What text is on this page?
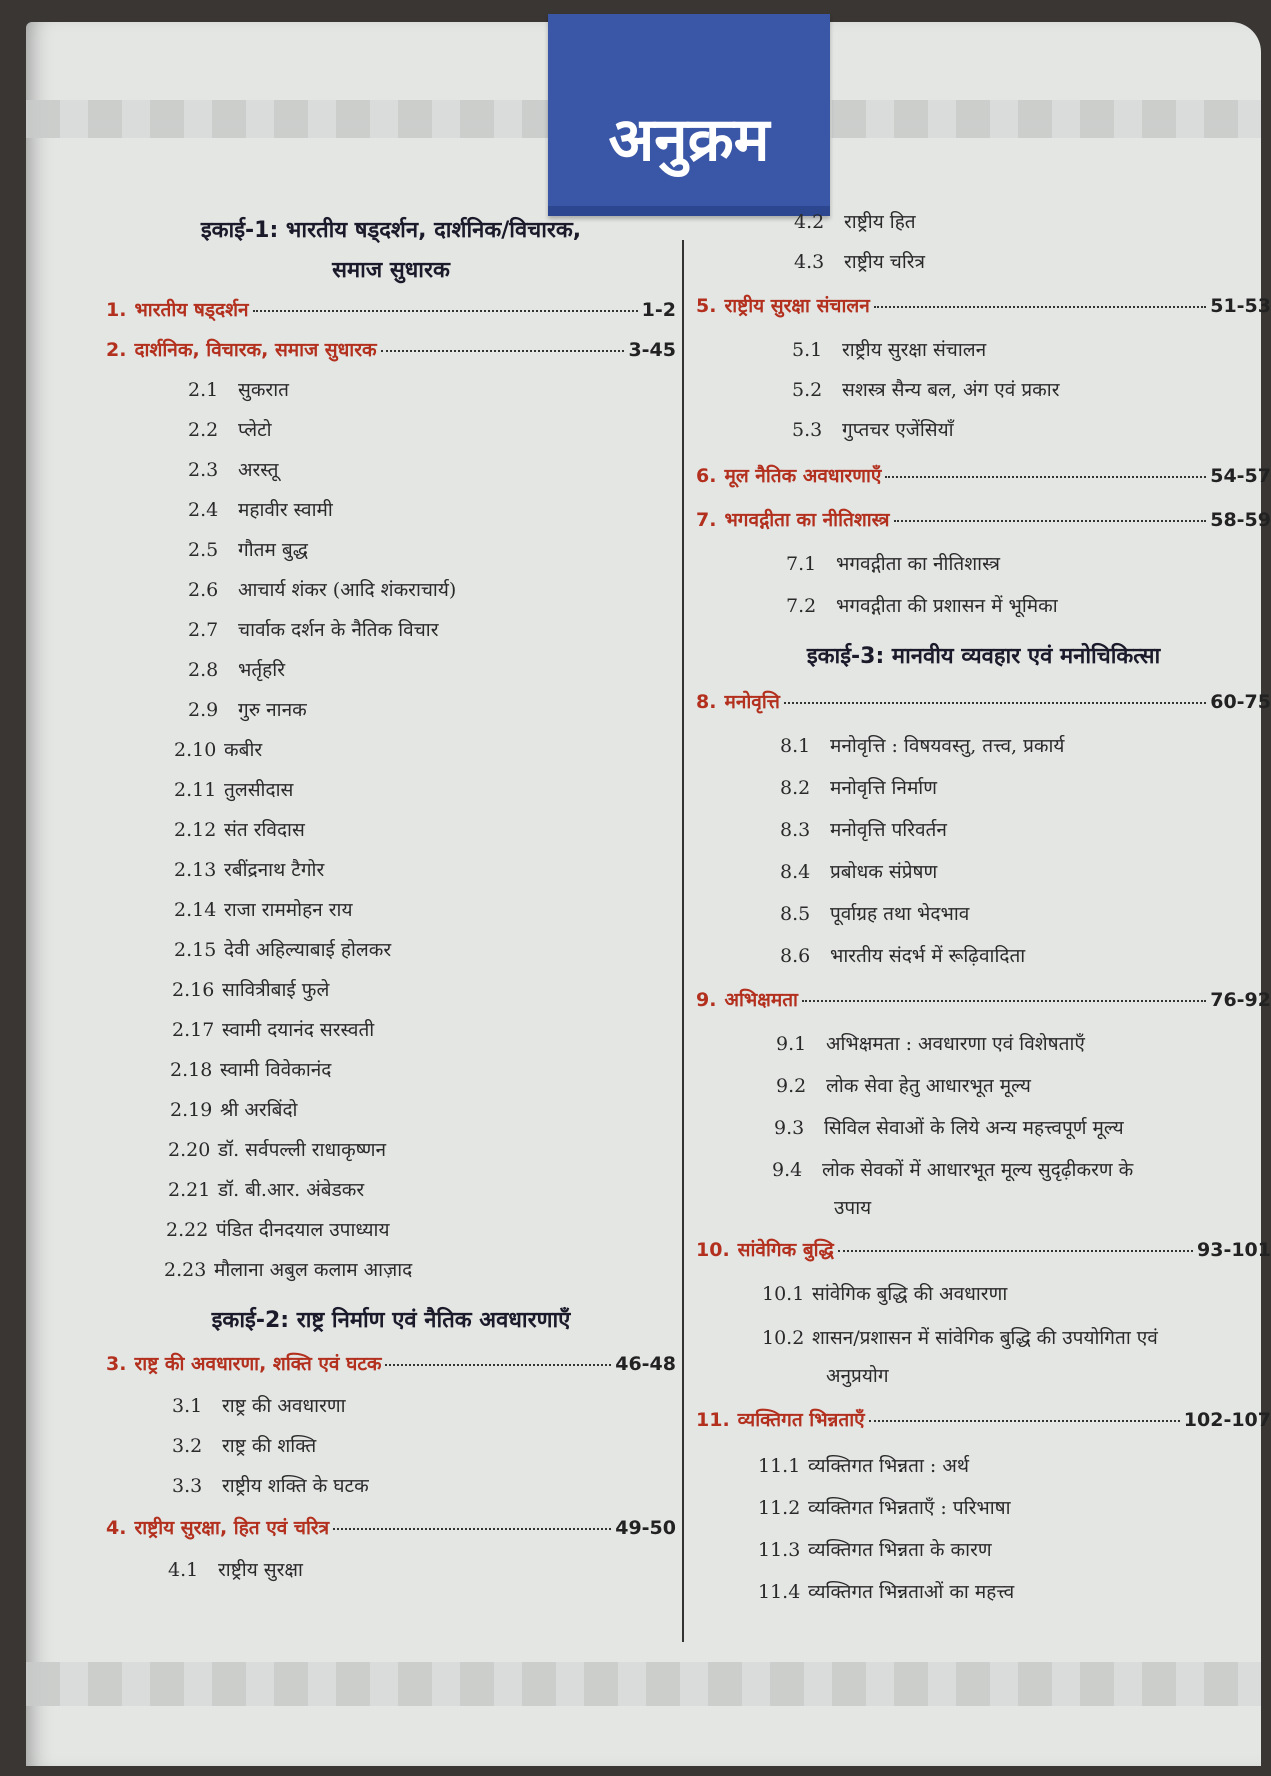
अनुक्रम
इकाई-1: भारतीय षड्दर्शन, दार्शनिक/विचारक,
समाज सुधारक
1. भारतीय षड्दर्शन	1-2
2. दार्शनिक, विचारक, समाज सुधारक	3-45
2.1 सुकरात
2.2 प्लेटो
2.3 अरस्तू
2.4 महावीर स्वामी
2.5 गौतम बुद्ध
2.6 आचार्य शंकर (आदि शंकराचार्य)
2.7 चार्वाक दर्शन के नैतिक विचार
2.8 भर्तृहरि
2.9 गुरु नानक
2.10 कबीर
2.11 तुलसीदास
2.12 संत रविदास
2.13 रबींद्रनाथ टैगोर
2.14 राजा राममोहन राय
2.15 देवी अहिल्याबाई होलकर
2.16 सावित्रीबाई फुले
2.17 स्वामी दयानंद सरस्वती
2.18 स्वामी विवेकानंद
2.19 श्री अरबिंदो
2.20 डॉ. सर्वपल्ली राधाकृष्णन
2.21 डॉ. बी.आर. अंबेडकर
2.22 पंडित दीनदयाल उपाध्याय
2.23 मौलाना अबुल कलाम आज़ाद
इकाई-2: राष्ट्र निर्माण एवं नैतिक अवधारणाएँ
3. राष्ट्र की अवधारणा, शक्ति एवं घटक	46-48
3.1 राष्ट्र की अवधारणा
3.2 राष्ट्र की शक्ति
3.3 राष्ट्रीय शक्ति के घटक
4. राष्ट्रीय सुरक्षा, हित एवं चरित्र	49-50
4.1 राष्ट्रीय सुरक्षा
4.2 राष्ट्रीय हित
4.3 राष्ट्रीय चरित्र
5. राष्ट्रीय सुरक्षा संचालन	51-53
5.1 राष्ट्रीय सुरक्षा संचालन
5.2 सशस्त्र सैन्य बल, अंग एवं प्रकार
5.3 गुप्तचर एजेंसियाँ
6. मूल नैतिक अवधारणाएँ	54-57
7. भगवद्गीता का नीतिशास्त्र	58-59
7.1 भगवद्गीता का नीतिशास्त्र
7.2 भगवद्गीता की प्रशासन में भूमिका
इकाई-3: मानवीय व्यवहार एवं मनोचिकित्सा
8. मनोवृत्ति	60-75
8.1 मनोवृत्ति : विषयवस्तु, तत्त्व, प्रकार्य
8.2 मनोवृत्ति निर्माण
8.3 मनोवृत्ति परिवर्तन
8.4 प्रबोधक संप्रेषण
8.5 पूर्वाग्रह तथा भेदभाव
8.6 भारतीय संदर्भ में रूढ़िवादिता
9. अभिक्षमता	76-92
9.1 अभिक्षमता : अवधारणा एवं विशेषताएँ
9.2 लोक सेवा हेतु आधारभूत मूल्य
9.3 सिविल सेवाओं के लिये अन्य महत्त्वपूर्ण मूल्य
9.4 लोक सेवकों में आधारभूत मूल्य सुदृढ़ीकरण के
उपाय
10. सांवेगिक बुद्धि	93-101
10.1 सांवेगिक बुद्धि की अवधारणा
10.2 शासन/प्रशासन में सांवेगिक बुद्धि की उपयोगिता एवं
अनुप्रयोग
11. व्यक्तिगत भिन्नताएँ	102-107
11.1 व्यक्तिगत भिन्नता : अर्थ
11.2 व्यक्तिगत भिन्नताएँ : परिभाषा
11.3 व्यक्तिगत भिन्नता के कारण
11.4 व्यक्तिगत भिन्नताओं का महत्त्व
